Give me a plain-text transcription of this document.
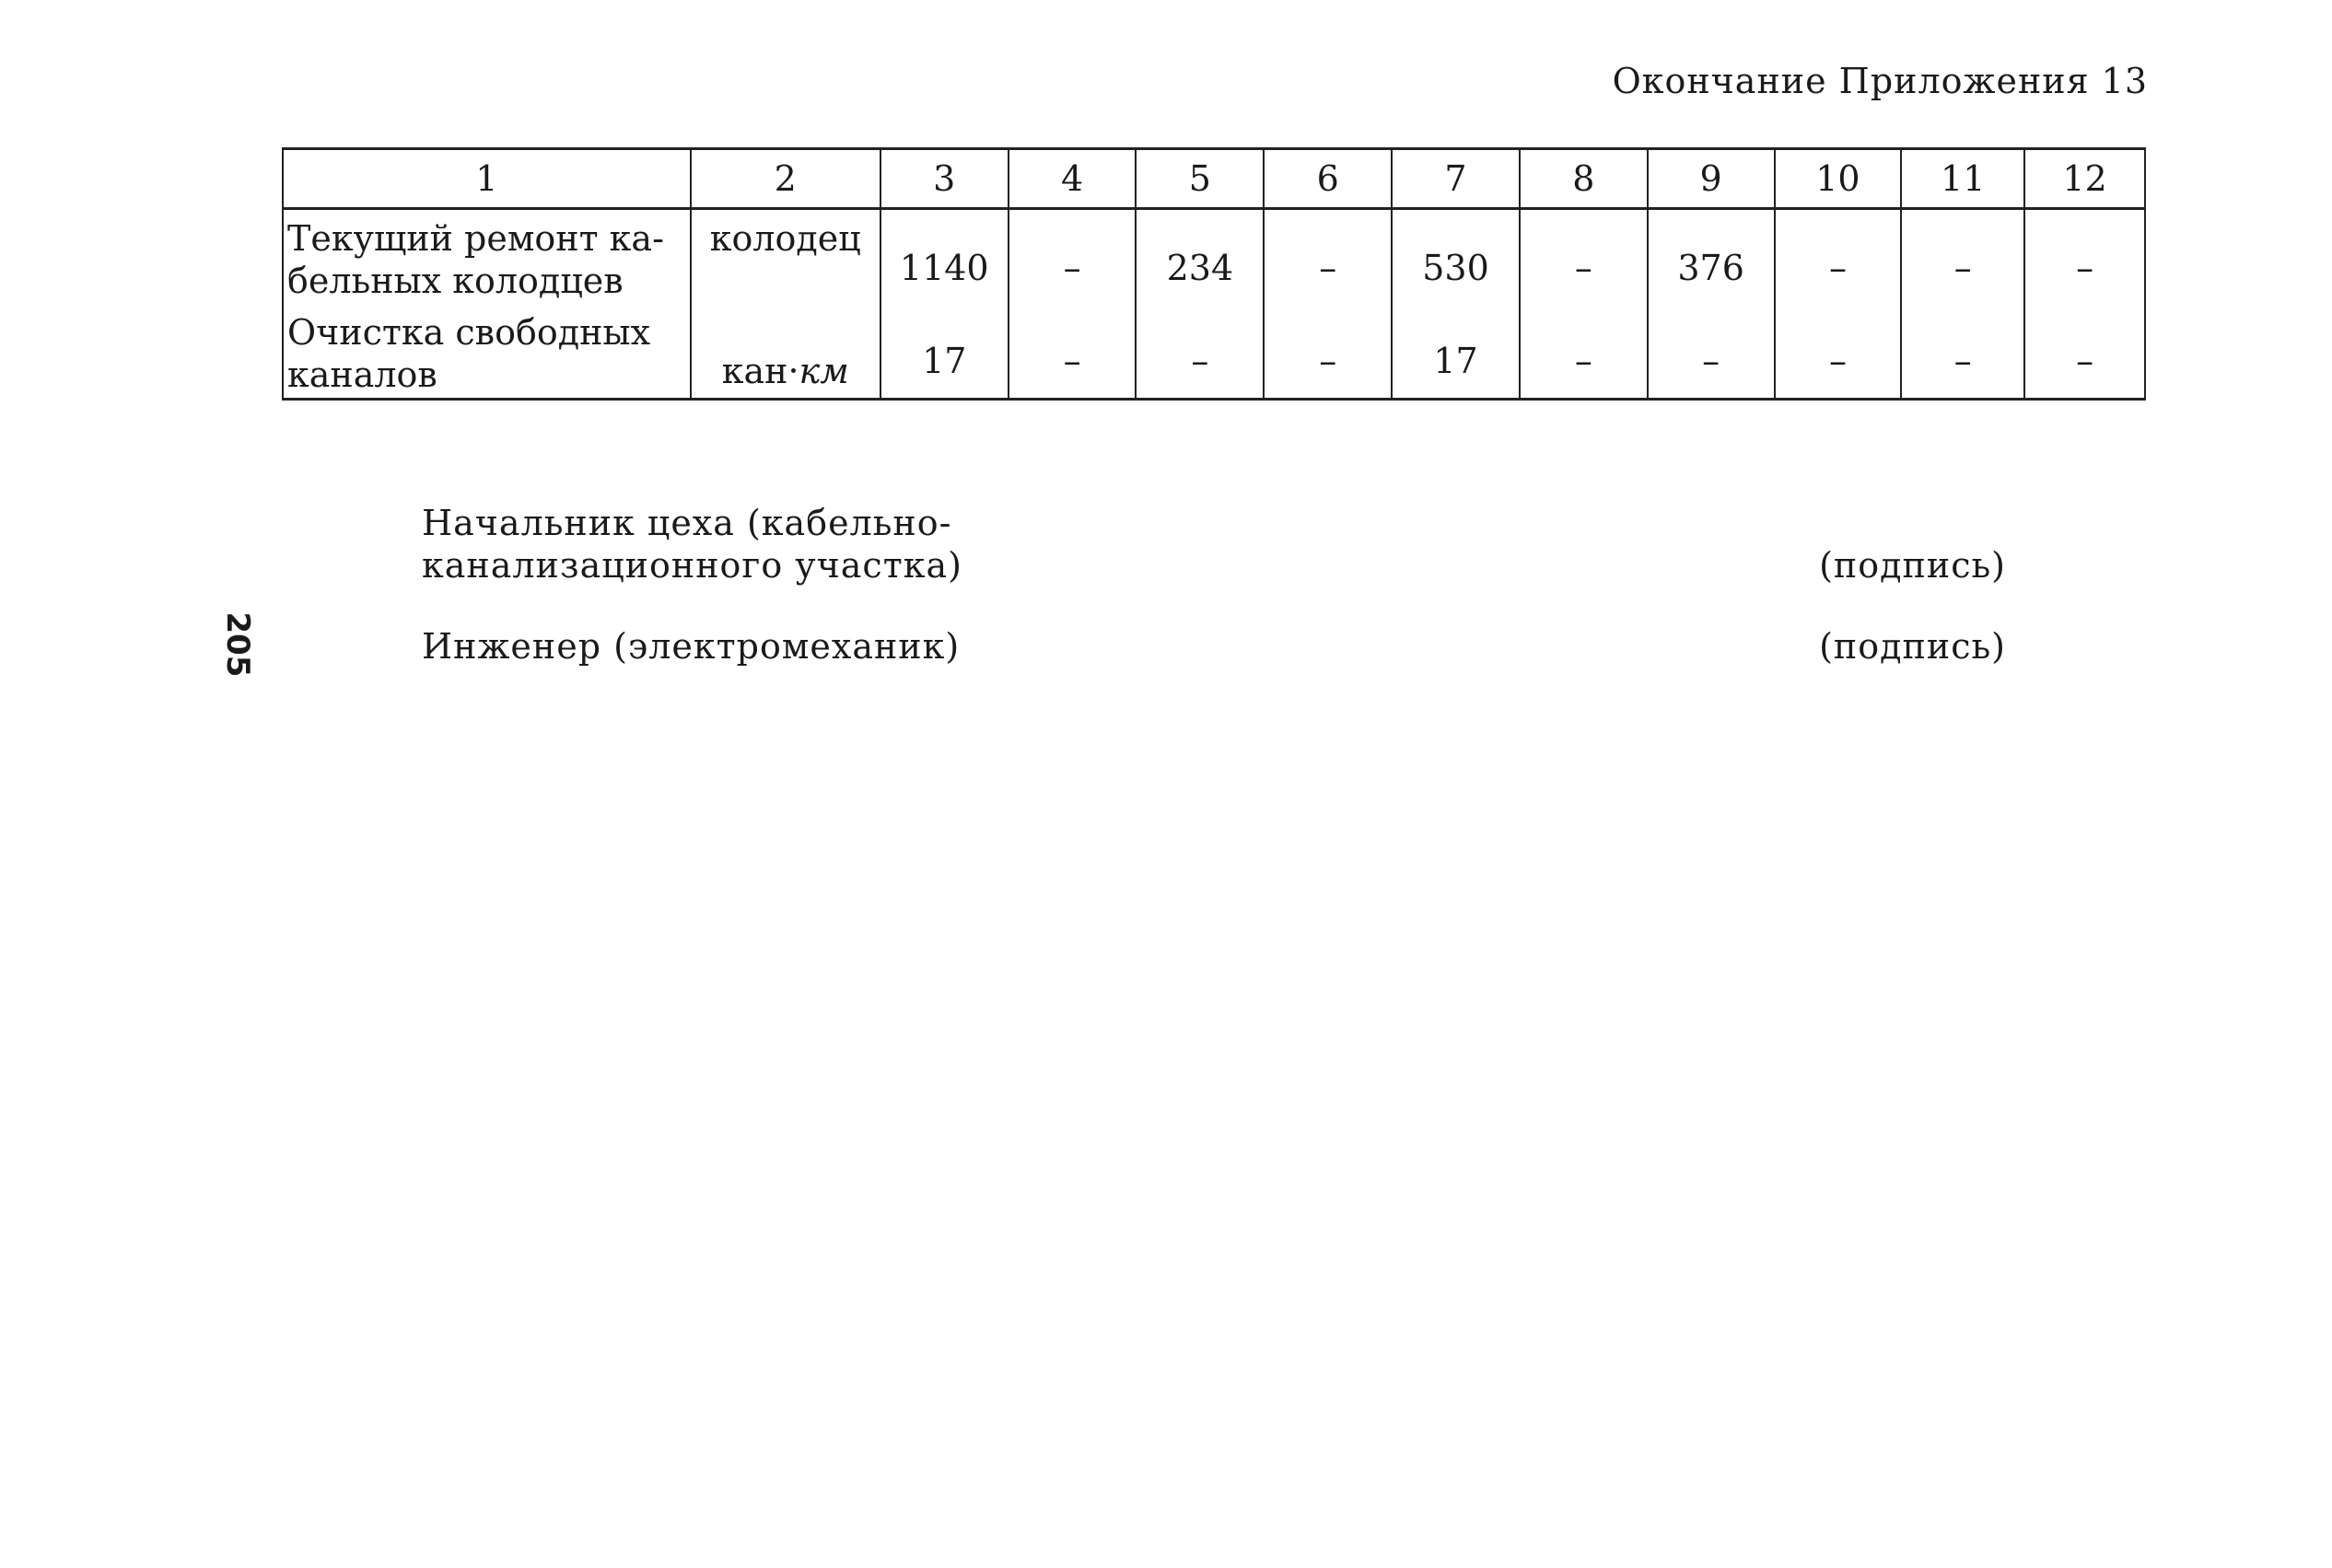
Окончание Приложения 13
205
1	2	3	4	5	6	7	8	9	10	11	12

Текущий ремонт ка-
бельных колодцев	колодец	1140	–	234	–	530	–	376	–	–	–

Очистка свободных
каналов	кан·км	17	–	–	–	17	–	–	–	–	–
Начальник цеха (кабельно-
канализационного участка)	(подпись)
Инженер (электромеханик)	(подпись)
